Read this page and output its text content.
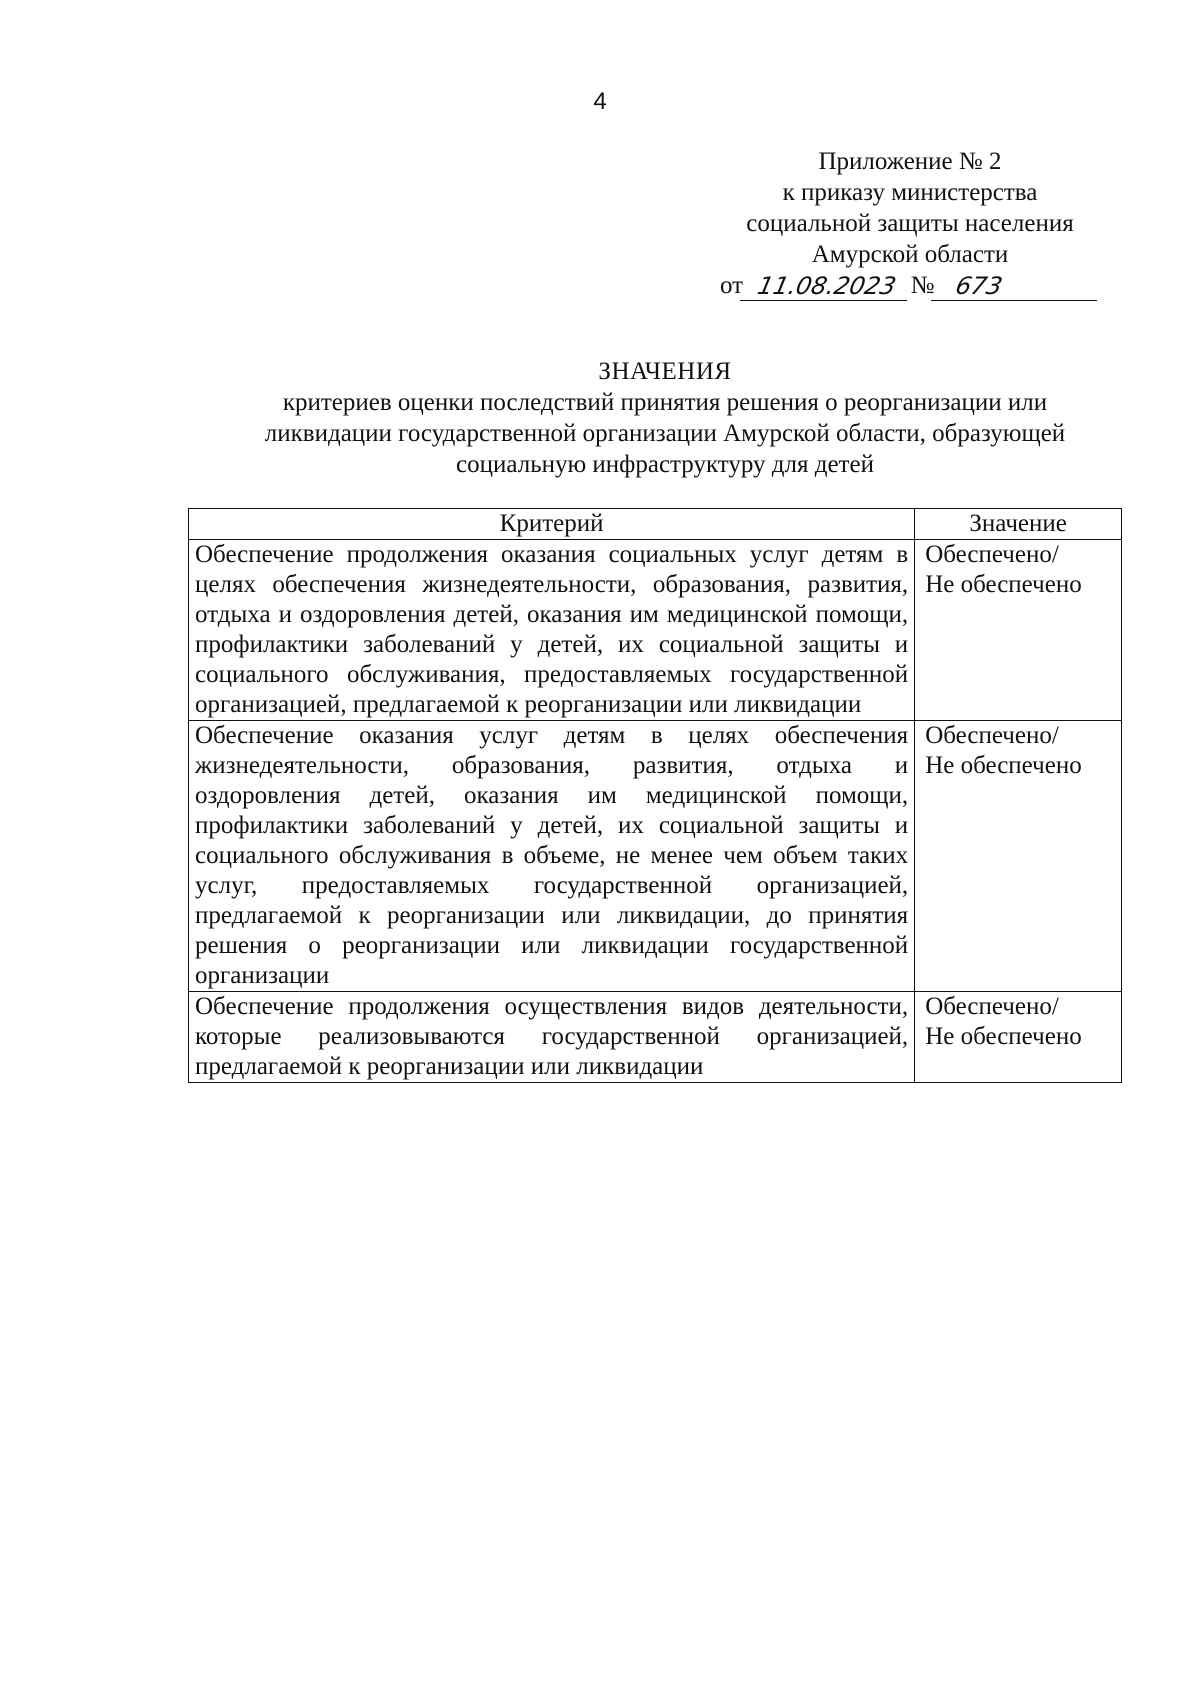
4
Приложение № 2
к приказу министерства
социальной защиты населения
Амурской области
от 11.08.2023 № 673
ЗНАЧЕНИЯ
критериев оценки последствий принятия решения о реорганизации или
ликвидации государственной организации Амурской области, образующей
социальную инфраструктуру для детей
Критерий	Значение
Обеспечение продолжения оказания социальных услуг детям в целях обеспечения жизнедеятельности, образования, развития, отдыха и оздоровления детей, оказания им медицинской помощи, профилактики заболеваний у детей, их социальной защиты и социального обслуживания, предоставляемых государственной организацией, предлагаемой к реорганизации или ликвидации	Обеспечено/
Не обеспечено

Обеспечение оказания услуг детям в целях обеспечения жизнедеятельности, образования, развития, отдыха и оздоровления детей, оказания им медицинской помощи, профилактики заболеваний у детей, их социальной защиты и социального обслуживания в объеме, не менее чем объем таких услуг, предоставляемых государственной организацией, предлагаемой к реорганизации или ликвидации, до принятия решения о реорганизации или ликвидации государственной организации	Обеспечено/
Не обеспечено

Обеспечение продолжения осуществления видов деятельности, которые реализовываются государственной организацией, предлагаемой к реорганизации или ликвидации	Обеспечено/
Не обеспечено
